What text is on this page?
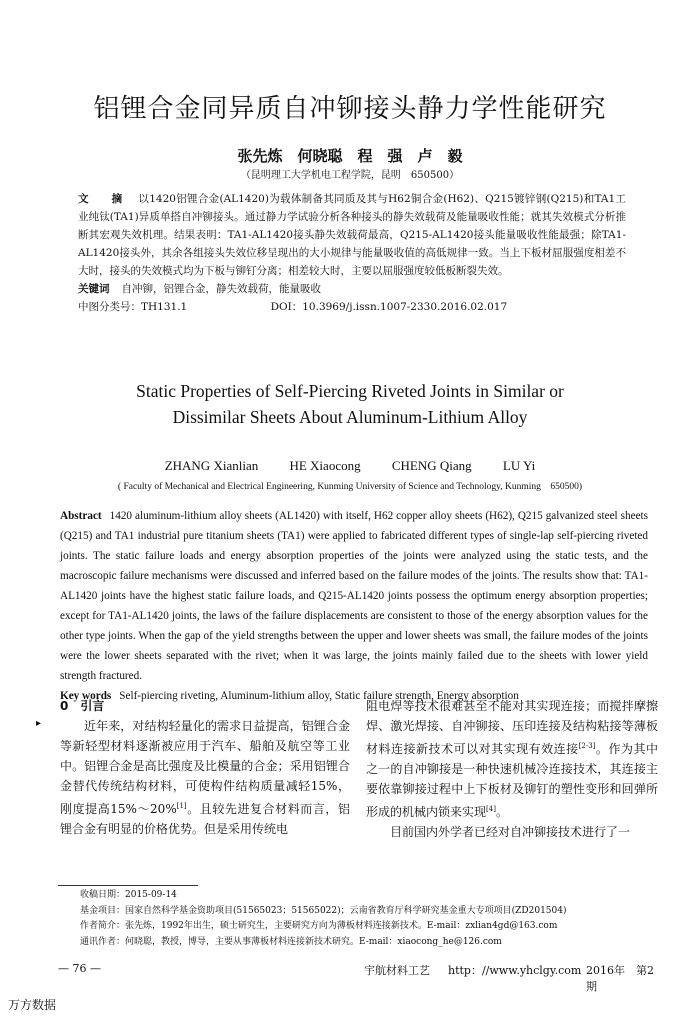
铝锂合金同异质自冲铆接头静力学性能研究
张先炼　何晓聪　程　强　卢　毅
（昆明理工大学机电工程学院，昆明　650500）
文　摘 以1420铝锂合金(AL1420)为载体制备其同质及其与H62铜合金(H62)、Q215镀锌钢(Q215)和TA1工业纯钛(TA1)异质单搭自冲铆接头。通过静力学试验分析各种接头的静失效载荷及能量吸收性能；就其失效模式分析推断其宏观失效机理。结果表明：TA1-AL1420接头静失效载荷最高，Q215-AL1420接头能量吸收性能最强；除TA1-AL1420接头外，其余各组接头失效位移呈现出的大小规律与能量吸收值的高低规律一致。当上下板材屈服强度相差不大时，接头的失效模式均为下板与铆钉分离；相差较大时，主要以屈服强度较低板断裂失效。
关键词 自冲铆，铝锂合金，静失效载荷，能量吸收
中图分类号：TH131.1	DOI：10.3969/j.issn.1007-2330.2016.02.017
Static Properties of Self-Piercing Riveted Joints in Similar or
Dissimilar Sheets About Aluminum-Lithium Alloy
ZHANG Xianlian HE Xiaocong CHENG Qiang LU Yi
( Faculty of Mechanical and Electrical Engineering, Kunming University of Science and Technology, Kunming　650500)
Abstract 1420 aluminum-lithium alloy sheets (AL1420) with itself, H62 copper alloy sheets (H62), Q215 galvanized steel sheets (Q215) and TA1 industrial pure titanium sheets (TA1) were applied to fabricated different types of single-lap self-piercing riveted joints. The static failure loads and energy absorption properties of the joints were analyzed using the static tests, and the macroscopic failure mechanisms were discussed and inferred based on the failure modes of the joints. The results show that: TA1-AL1420 joints have the highest static failure loads, and Q215-AL1420 joints possess the optimum energy absorption properties; except for TA1-AL1420 joints, the laws of the failure displacements are consistent to those of the energy absorption values for the other type joints. When the gap of the yield strengths between the upper and lower sheets was small, the failure modes of the joints were the lower sheets separated with the rivet; when it was large, the joints mainly failed due to the sheets with lower yield strength fractured.
Key words Self-piercing riveting, Aluminum-lithium alloy, Static failure strength, Energy absorption
▸
0　引言

近年来，对结构轻量化的需求日益提高，铝锂合金等新轻型材料逐渐被应用于汽车、船舶及航空等工业中。铝锂合金是高比强度及比模量的合金；采用铝锂合金替代传统结构材料，可使构件结构质量减轻15%，刚度提高15%～20%[1]。且较先进复合材料而言，铝锂合金有明显的价格优势。但是采用传统电

阻电焊等技术很难甚至不能对其实现连接；而搅拌摩擦焊、激光焊接、自冲铆接、压印连接及结构粘接等薄板材料连接新技术可以对其实现有效连接[2-3]。作为其中之一的自冲铆接是一种快速机械冷连接技术，其连接主要依靠铆接过程中上下板材及铆钉的塑性变形和回弹所形成的机械内锁来实现[4]。

目前国内外学者已经对自冲铆接技术进行了一

收稿日期：2015-09-14
基金项目：国家自然科学基金资助项目(51565023；51565022)；云南省教育厅科学研究基金重大专项项目(ZD201504)
作者简介：张先炼，1992年出生，硕士研究生，主要研究方向为薄板材料连接新技术。E-mail：zxlian4gd@163.com
通讯作者：何晓聪，教授，博导，主要从事薄板材料连接新技术研究。E-mail：xiaocong_he@126.com
— 76 —	宇航材料工艺 http：//www.yhclgy.com 2016年　第2期
万方数据
